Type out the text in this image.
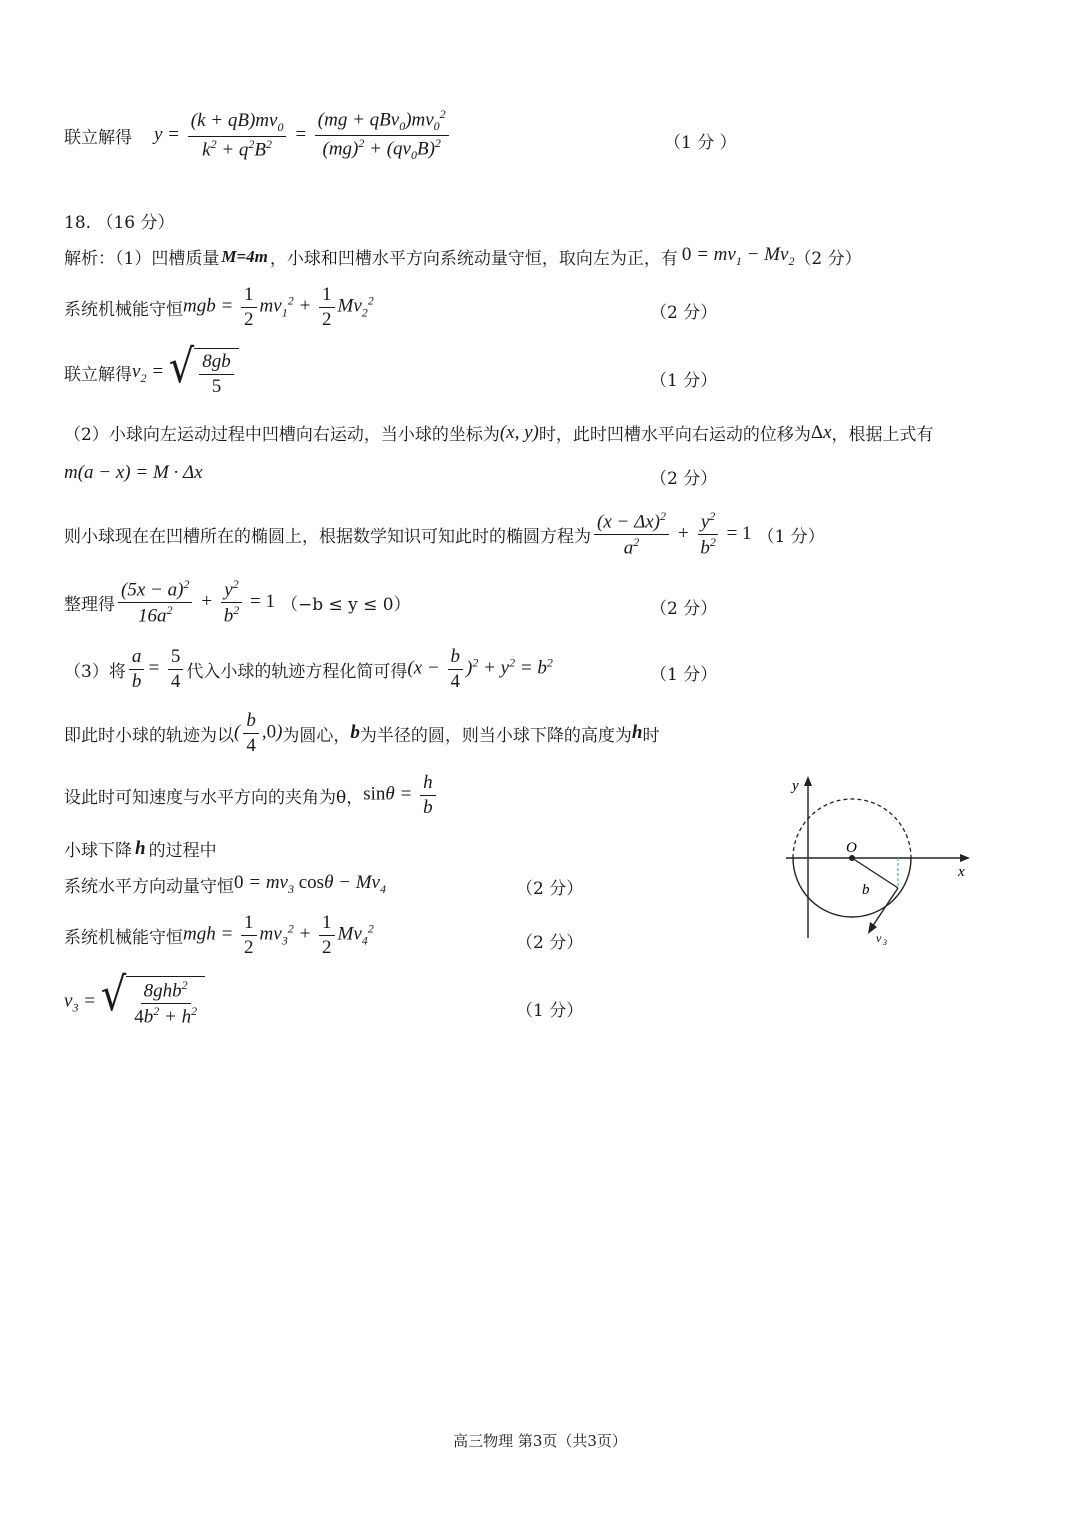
联立解得 $y = \frac{(k + qB)mv_0}{k^2 + q^2B^2} = \frac{(mg + qBv_0)mv_0^2}{(mg)^2 + (qv_0B)^2}$	（1 分 ）
18. （16 分）
解析：（1）凹槽质量 M=4m ，小球和凹槽水平方向系统动量守恒，取向左为正，有 $0 = mv_1 - Mv_2$ （2 分）
系统机械能守恒 mgb = $\frac{1}{2} mv_1^2 + \frac{1}{2} Mv_2^2$
（2 分）
联立解得 $v_2$ = √ $\frac{8gb}{5}$	（1 分）
（2）小球向左运动过程中凹槽向右运动，当小球的坐标为 (x, y) 时，此时凹槽水平向右运动的位移为 Δx ，根据上式有
m(a − x) = M · Δx	（2 分）
则小球现在在凹槽所在的椭圆上，根据数学知识可知此时的椭圆方程为 $\frac{(x - \Delta x)^2}{a^2} + \frac{y^2}{b^2} = 1$ （1 分）
整理得 $\frac{(5x - a)^2}{16a^2} + \frac{y^2}{b^2} = 1$ （−b ≤ y ≤ 0）	（2 分）
（3）将 $\frac{a}{b} = \frac{5}{4}$ 代入小球的轨迹方程化简可得 $(x - \frac{b}{4} )^2 + y^2 = b^2$
（1 分）
即此时小球的轨迹为以 ( $\frac{b}{4} ,0$) 为圆心， b 为半径的圆，则当小球下降的高度为 h 时
设此时可知速度与水平方向的夹角为θ， $\sin\theta = \frac{h}{b}$
小球下降 h 的过程中
系统水平方向动量守恒 $0 = mv_3$ $\cos\theta - Mv_4$	（2 分）
系统机械能守恒 mgh = $\frac{1}{2} mv_3^2 + \frac{1}{2} Mv_4^2$
（2 分）
$v_3$ = √ $\frac{8ghb^2}{4b^2 + h^2}$	（1 分）
y
x
O
b
v 3
高三物理 第3页（共3页）
